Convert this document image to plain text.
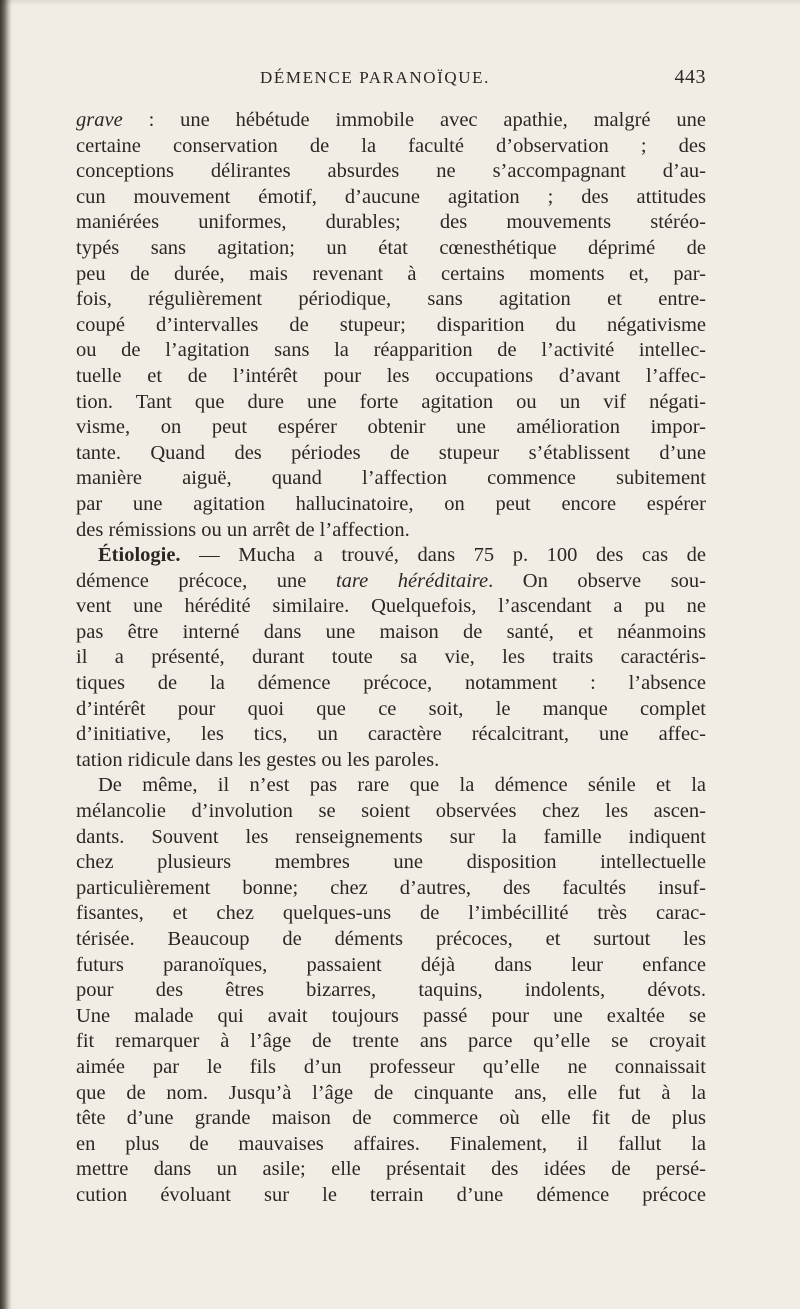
DÉMENCE PARANOÏQUE.	443
grave : une hébétude immobile avec apathie, malgré une
certaine conservation de la faculté d’observation ; des
conceptions délirantes absurdes ne s’accompagnant d’au-
cun mouvement émotif, d’aucune agitation ; des attitudes
maniérées uniformes, durables; des mouvements stéréo-
typés sans agitation; un état cœnesthétique déprimé de
peu de durée, mais revenant à certains moments et, par-
fois, régulièrement périodique, sans agitation et entre-
coupé d’intervalles de stupeur; disparition du négativisme
ou de l’agitation sans la réapparition de l’activité intellec-
tuelle et de l’intérêt pour les occupations d’avant l’affec-
tion. Tant que dure une forte agitation ou un vif négati-
visme, on peut espérer obtenir une amélioration impor-
tante. Quand des périodes de stupeur s’établissent d’une
manière aiguë, quand l’affection commence subitement
par une agitation hallucinatoire, on peut encore espérer
des rémissions ou un arrêt de l’affection.
Étiologie. — Mucha a trouvé, dans 75 p. 100 des cas de
démence précoce, une tare héréditaire. On observe sou-
vent une hérédité similaire. Quelquefois, l’ascendant a pu ne
pas être interné dans une maison de santé, et néanmoins
il a présenté, durant toute sa vie, les traits caractéris-
tiques de la démence précoce, notamment : l’absence
d’intérêt pour quoi que ce soit, le manque complet
d’initiative, les tics, un caractère récalcitrant, une affec-
tation ridicule dans les gestes ou les paroles.
De même, il n’est pas rare que la démence sénile et la
mélancolie d’involution se soient observées chez les ascen-
dants. Souvent les renseignements sur la famille indiquent
chez plusieurs membres une disposition intellectuelle
particulièrement bonne; chez d’autres, des facultés insuf-
fisantes, et chez quelques-uns de l’imbécillité très carac-
térisée. Beaucoup de déments précoces, et surtout les
futurs paranoïques, passaient déjà dans leur enfance
pour des êtres bizarres, taquins, indolents, dévots.
Une malade qui avait toujours passé pour une exaltée se
fit remarquer à l’âge de trente ans parce qu’elle se croyait
aimée par le fils d’un professeur qu’elle ne connaissait
que de nom. Jusqu’à l’âge de cinquante ans, elle fut à la
tête d’une grande maison de commerce où elle fit de plus
en plus de mauvaises affaires. Finalement, il fallut la
mettre dans un asile; elle présentait des idées de persé-
cution évoluant sur le terrain d’une démence précoce
